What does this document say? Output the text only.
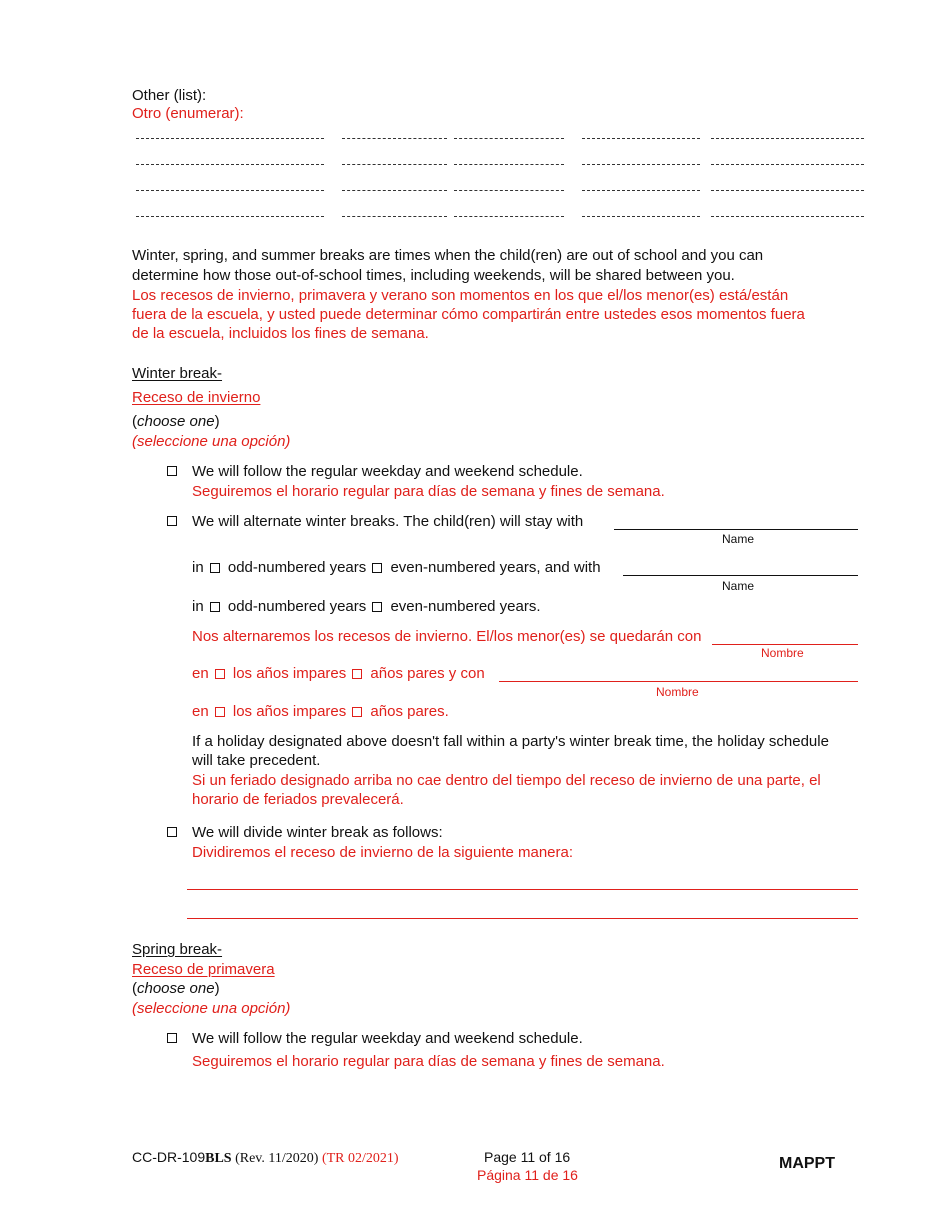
Other (list):
Otro (enumerar):
Winter, spring, and summer breaks are times when the child(ren) are out of school and you can
determine how those out-of-school times, including weekends, will be shared between you.
Los recesos de invierno, primavera y verano son momentos en los que el/los menor(es) está/están
fuera de la escuela, y usted puede determinar cómo compartirán entre ustedes esos momentos fuera
de la escuela, incluidos los fines de semana.
Winter break-
Receso de invierno
(choose one)
(seleccione una opción)
We will follow the regular weekday and weekend schedule.
Seguiremos el horario regular para días de semana y fines de semana.
We will alternate winter breaks. The child(ren) will stay with
Name
in odd-numbered years even-numbered years, and with
Name
in odd-numbered years even-numbered years.
Nos alternaremos los recesos de invierno. El/los menor(es) se quedarán con
Nombre
en los años impares años pares y con
Nombre
en los años impares años pares.
If a holiday designated above doesn't fall within a party's winter break time, the holiday schedule
will take precedent.
Si un feriado designado arriba no cae dentro del tiempo del receso de invierno de una parte, el
horario de feriados prevalecerá.
We will divide winter break as follows:
Dividiremos el receso de invierno de la siguiente manera:
Spring break-
Receso de primavera
(choose one)
(seleccione una opción)
We will follow the regular weekday and weekend schedule.
Seguiremos el horario regular para días de semana y fines de semana.
CC-DR-109BLS (Rev. 11/2020) (TR 02/2021)	Page 11 of 16
Página 11 de 16
MAPPT
